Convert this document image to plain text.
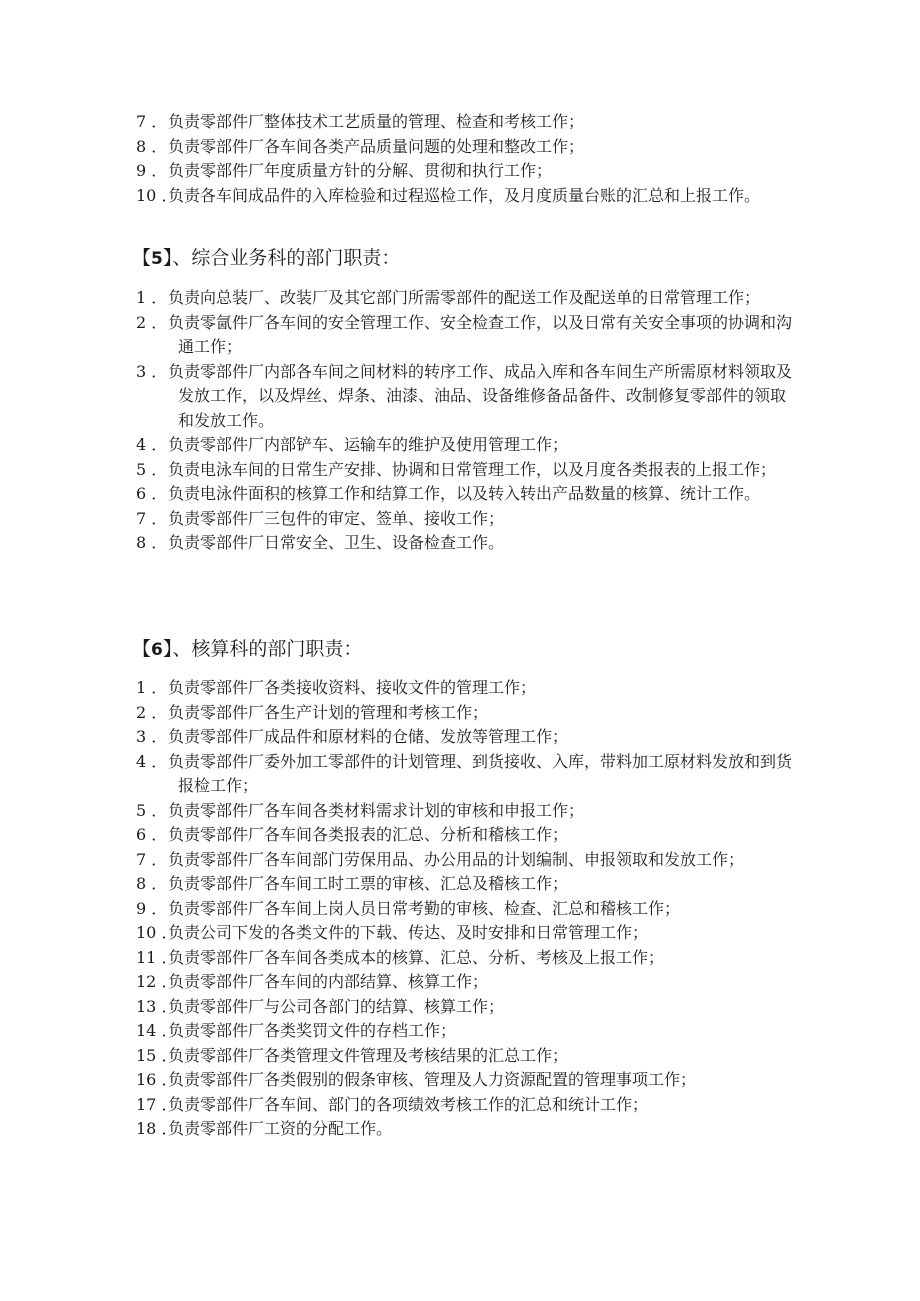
7 ． 负责零部件厂整体技术工艺质量的管理、检查和考核工作；
8 ． 负责零部件厂各车间各类产品质量问题的处理和整改工作；
9 ． 负责零部件厂年度质量方针的分解、贯彻和执行工作；
10 ．
负责各车间成品件的入库检验和过程巡检工作，及月度质量台账的汇总和上报工作。
【5】、综合业务科的部门职责：
1 ． 负责向总装厂、改装厂及其它部门所需零部件的配送工作及配送单的日常管理工作；
2 ． 负责零氤件厂各车间的安全管理工作、安全检查工作，以及日常有关安全事项的协调和沟通工作；
3 ． 负责零部件厂内部各车间之间材料的转序工作、成品入库和各车间生产所需原材料领取及发放工作，以及焊丝、焊条、油漆、油品、设备维修备品备件、改制修复零部件的领取和发放工作。
4 ． 负责零部件厂内部铲车、运输车的维护及使用管理工作；
5 ． 负责电泳车间的日常生产安排、协调和日常管理工作，以及月度各类报表的上报工作；
6 ． 负责电泳件面积的核算工作和结算工作，以及转入转出产品数量的核算、统计工作。
7 ． 负责零部件厂三包件的审定、签单、接收工作；
8 ． 负责零部件厂日常安全、卫生、设备检查工作。
【6】、核算科的部门职责：
1 ． 负责零部件厂各类接收资料、接收文件的管理工作；
2 ． 负责零部件厂各生产计划的管理和考核工作；
3 ． 负责零部件厂成品件和原材料的仓储、发放等管理工作；
4 ． 负责零部件厂委外加工零部件的计划管理、到货接收、入库，带料加工原材料发放和到货报检工作；
5 ． 负责零部件厂各车间各类材料需求计划的审核和申报工作；
6 ． 负责零部件厂各车间各类报表的汇总、分析和稽核工作；
7 ． 负责零部件厂各车间部门劳保用品、办公用品的计划编制、申报领取和发放工作；
8 ． 负责零部件厂各车间工时工票的审核、汇总及稽核工作；
9 ． 负责零部件厂各车间上岗人员日常考勤的审核、检查、汇总和稽核工作；
10 ．
负责公司下发的各类文件的下载、传达、及时安排和日常管理工作；
11 ．
负责零部件厂各车间各类成本的核算、汇总、分析、考核及上报工作；
12 ．
负责零部件厂各车间的内部结算、核算工作；
13 ．
负责零部件厂与公司各部门的结算、核算工作；
14 ．
负责零部件厂各类奖罚文件的存档工作；
15 ．
负责零部件厂各类管理文件管理及考核结果的汇总工作；
16 ．
负责零部件厂各类假别的假条审核、管理及人力资源配置的管理事项工作；
17 ．
负责零部件厂各车间、部门的各项绩效考核工作的汇总和统计工作；
18 ．
负责零部件厂工资的分配工作。
